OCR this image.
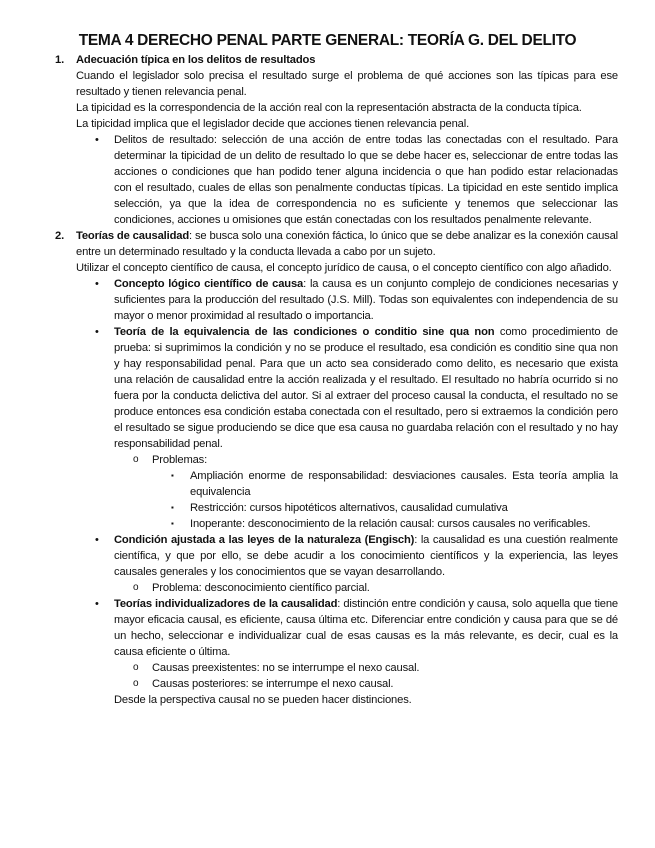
TEMA 4 DERECHO PENAL PARTE GENERAL: TEORÍA G. DEL DELITO
1. Adecuación típica en los delitos de resultados
Cuando el legislador solo precisa el resultado surge el problema de qué acciones son las típicas para ese resultado y tienen relevancia penal.
La tipicidad es la correspondencia de la acción real con la representación abstracta de la conducta típica.
La tipicidad implica que el legislador decide que acciones tienen relevancia penal.
• Delitos de resultado: selección de una acción de entre todas las conectadas con el resultado. Para determinar la tipicidad de un delito de resultado lo que se debe hacer es, seleccionar de entre todas las acciones o condiciones que han podido tener alguna incidencia o que han podido estar relacionadas con el resultado, cuales de ellas son penalmente conductas típicas. La tipicidad en este sentido implica selección, ya que la idea de correspondencia no es suficiente y tenemos que seleccionar las condiciones, acciones u omisiones que están conectadas con los resultados penalmente relevante.
2. Teorías de causalidad: se busca solo una conexión fáctica, lo único que se debe analizar es la conexión causal entre un determinado resultado y la conducta llevada a cabo por un sujeto.
Utilizar el concepto científico de causa, el concepto jurídico de causa, o el concepto científico con algo añadido.
• Concepto lógico científico de causa: la causa es un conjunto complejo de condiciones necesarias y suficientes para la producción del resultado (J.S. Mill). Todas son equivalentes con independencia de su mayor o menor proximidad al resultado o importancia.
• Teoría de la equivalencia de las condiciones o conditio sine qua non como procedimiento de prueba: si suprimimos la condición y no se produce el resultado, esa condición es conditio sine qua non y hay responsabilidad penal. Para que un acto sea considerado como delito, es necesario que exista una relación de causalidad entre la acción realizada y el resultado. El resultado no habría ocurrido si no fuera por la conducta delictiva del autor. Si al extraer del proceso causal la conducta, el resultado no se produce entonces esa condición estaba conectada con el resultado, pero si extraemos la condición pero el resultado se sigue produciendo se dice que esa causa no guardaba relación con el resultado y no hay responsabilidad penal.
o Problemas:
▪ Ampliación enorme de responsabilidad: desviaciones causales. Esta teoría amplia la equivalencia
▪ Restricción: cursos hipotéticos alternativos, causalidad cumulativa
▪ Inoperante: desconocimiento de la relación causal: cursos causales no verificables.
• Condición ajustada a las leyes de la naturaleza (Engisch): la causalidad es una cuestión realmente científica, y que por ello, se debe acudir a los conocimiento científicos y la experiencia, las leyes causales generales y los conocimientos que se vayan desarrollando.
o Problema: desconocimiento científico parcial.
• Teorías individualizadores de la causalidad: distinción entre condición y causa, solo aquella que tiene mayor eficacia causal, es eficiente, causa última etc. Diferenciar entre condición y causa para que se dé un hecho, seleccionar e individualizar cual de esas causas es la más relevante, es decir, cual es la causa eficiente o última.
o Causas preexistentes: no se interrumpe el nexo causal.
o Causas posteriores: se interrumpe el nexo causal.
Desde la perspectiva causal no se pueden hacer distinciones.
